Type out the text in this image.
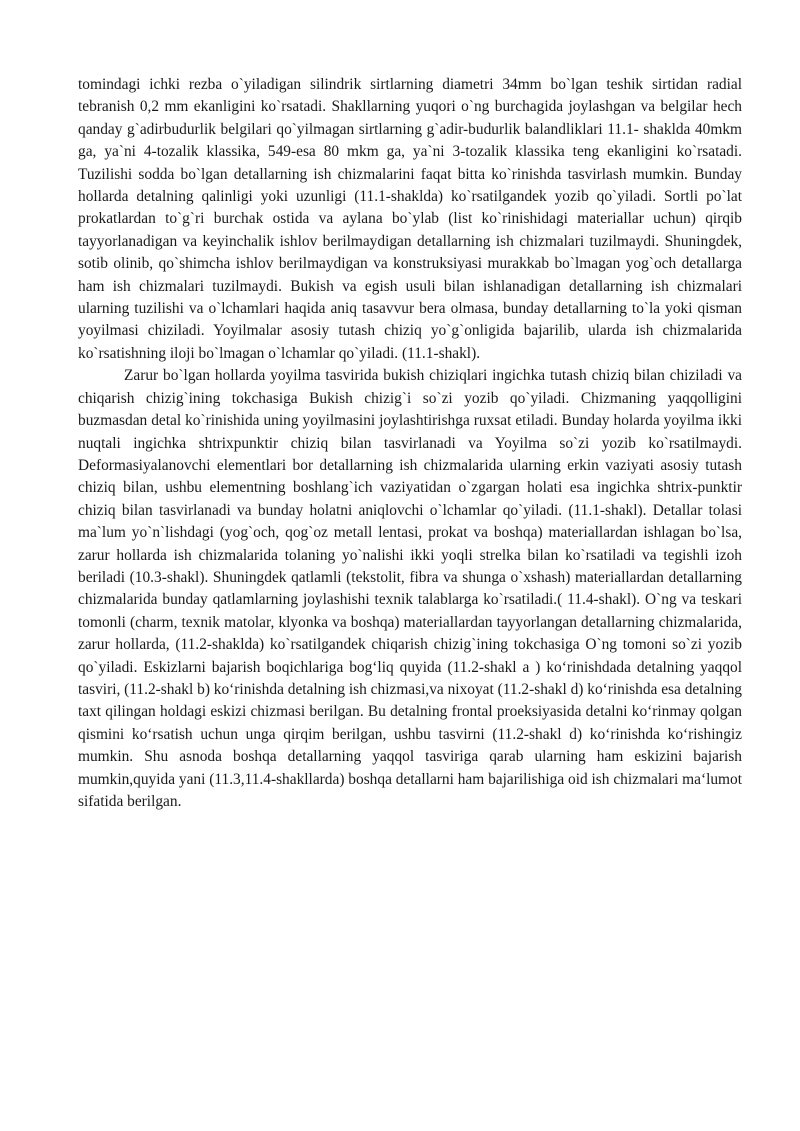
tomindagi ichki rezba o`yiladigan silindrik sirtlarning diametri 34mm bo`lgan teshik sirtidan radial tebranish 0,2 mm ekanligini ko`rsatadi. Shakllarning yuqori o`ng burchagida joylashgan va belgilar hech qanday g`adirbudurlik belgilari qo`yilmagan sirtlarning g`adir-budurlik balandliklari 11.1- shaklda 40mkm ga, ya`ni 4-tozalik klassika, 549-esa 80 mkm ga, ya`ni 3-tozalik klassika teng ekanligini ko`rsatadi. Tuzilishi sodda bo`lgan detallarning ish chizmalarini faqat bitta ko`rinishda tasvirlash mumkin. Bunday hollarda detalning qalinligi yoki uzunligi (11.1-shaklda) ko`rsatilgandek yozib qo`yiladi. Sortli po`lat prokatlardan to`g`ri burchak ostida va aylana bo`ylab (list ko`rinishidagi materiallar uchun) qirqib tayyorlanadigan va keyinchalik ishlov berilmaydigan detallarning ish chizmalari tuzilmaydi. Shuningdek, sotib olinib, qo`shimcha ishlov berilmaydigan va konstruksiyasi murakkab bo`lmagan yog`och detallarga ham ish chizmalari tuzilmaydi. Bukish va egish usuli bilan ishlanadigan detallarning ish chizmalari ularning tuzilishi va o`lchamlari haqida aniq tasavvur bera olmasa, bunday detallarning to`la yoki qisman yoyilmasi chiziladi. Yoyilmalar asosiy tutash chiziq yo`g`onligida bajarilib, ularda ish chizmalarida ko`rsatishning iloji bo`lmagan o`lchamlar qo`yiladi. (11.1-shakl).

Zarur bo`lgan hollarda yoyilma tasvirida bukish chiziqlari ingichka tutash chiziq bilan chiziladi va chiqarish chizig`ining tokchasiga Bukish chizig`i so`zi yozib qo`yiladi. Chizmaning yaqqolligini buzmasdan detal ko`rinishida uning yoyilmasini joylashtirishga ruxsat etiladi. Bunday holarda yoyilma ikki nuqtali ingichka shtrixpunktir chiziq bilan tasvirlanadi va Yoyilma so`zi yozib ko`rsatilmaydi. Deformasiyalanovchi elementlari bor detallarning ish chizmalarida ularning erkin vaziyati asosiy tutash chiziq bilan, ushbu elementning boshlang`ich vaziyatidan o`zgargan holati esa ingichka shtrix-punktir chiziq bilan tasvirlanadi va bunday holatni aniqlovchi o`lchamlar qo`yiladi. (11.1-shakl). Detallar tolasi ma`lum yo`n`lishdagi (yog`och, qog`oz metall lentasi, prokat va boshqa) materiallardan ishlagan bo`lsa, zarur hollarda ish chizmalarida tolaning yo`nalishi ikki yoqli strelka bilan ko`rsatiladi va tegishli izoh beriladi (10.3-shakl). Shuningdek qatlamli (tekstolit, fibra va shunga o`xshash) materiallardan detallarning chizmalarida bunday qatlamlarning joylashishi texnik talablarga ko`rsatiladi.( 11.4-shakl). O`ng va teskari tomonli (charm, texnik matolar, klyonka va boshqa) materiallardan tayyorlangan detallarning chizmalarida, zarur hollarda, (11.2-shaklda) ko`rsatilgandek chiqarish chizig`ining tokchasiga O`ng tomoni so`zi yozib qo`yiladi. Eskizlarni bajarish boqichlariga bog‘liq quyida (11.2-shakl a ) ko‘rinishdada detalning yaqqol tasviri, (11.2-shakl b) ko‘rinishda detalning ish chizmasi,va nixoyat (11.2-shakl d) ko‘rinishda esa detalning taxt qilingan holdagi eskizi chizmasi berilgan. Bu detalning frontal proeksiyasida detalni ko‘rinmay qolgan qismini ko‘rsatish uchun unga qirqim berilgan, ushbu tasvirni (11.2-shakl d) ko‘rinishda ko‘rishingiz mumkin. Shu asnoda boshqa detallarning yaqqol tasviriga qarab ularning ham eskizini bajarish mumkin,quyida yani (11.3,11.4-shakllarda) boshqa detallarni ham bajarilishiga oid ish chizmalari ma‘lumot sifatida berilgan.
